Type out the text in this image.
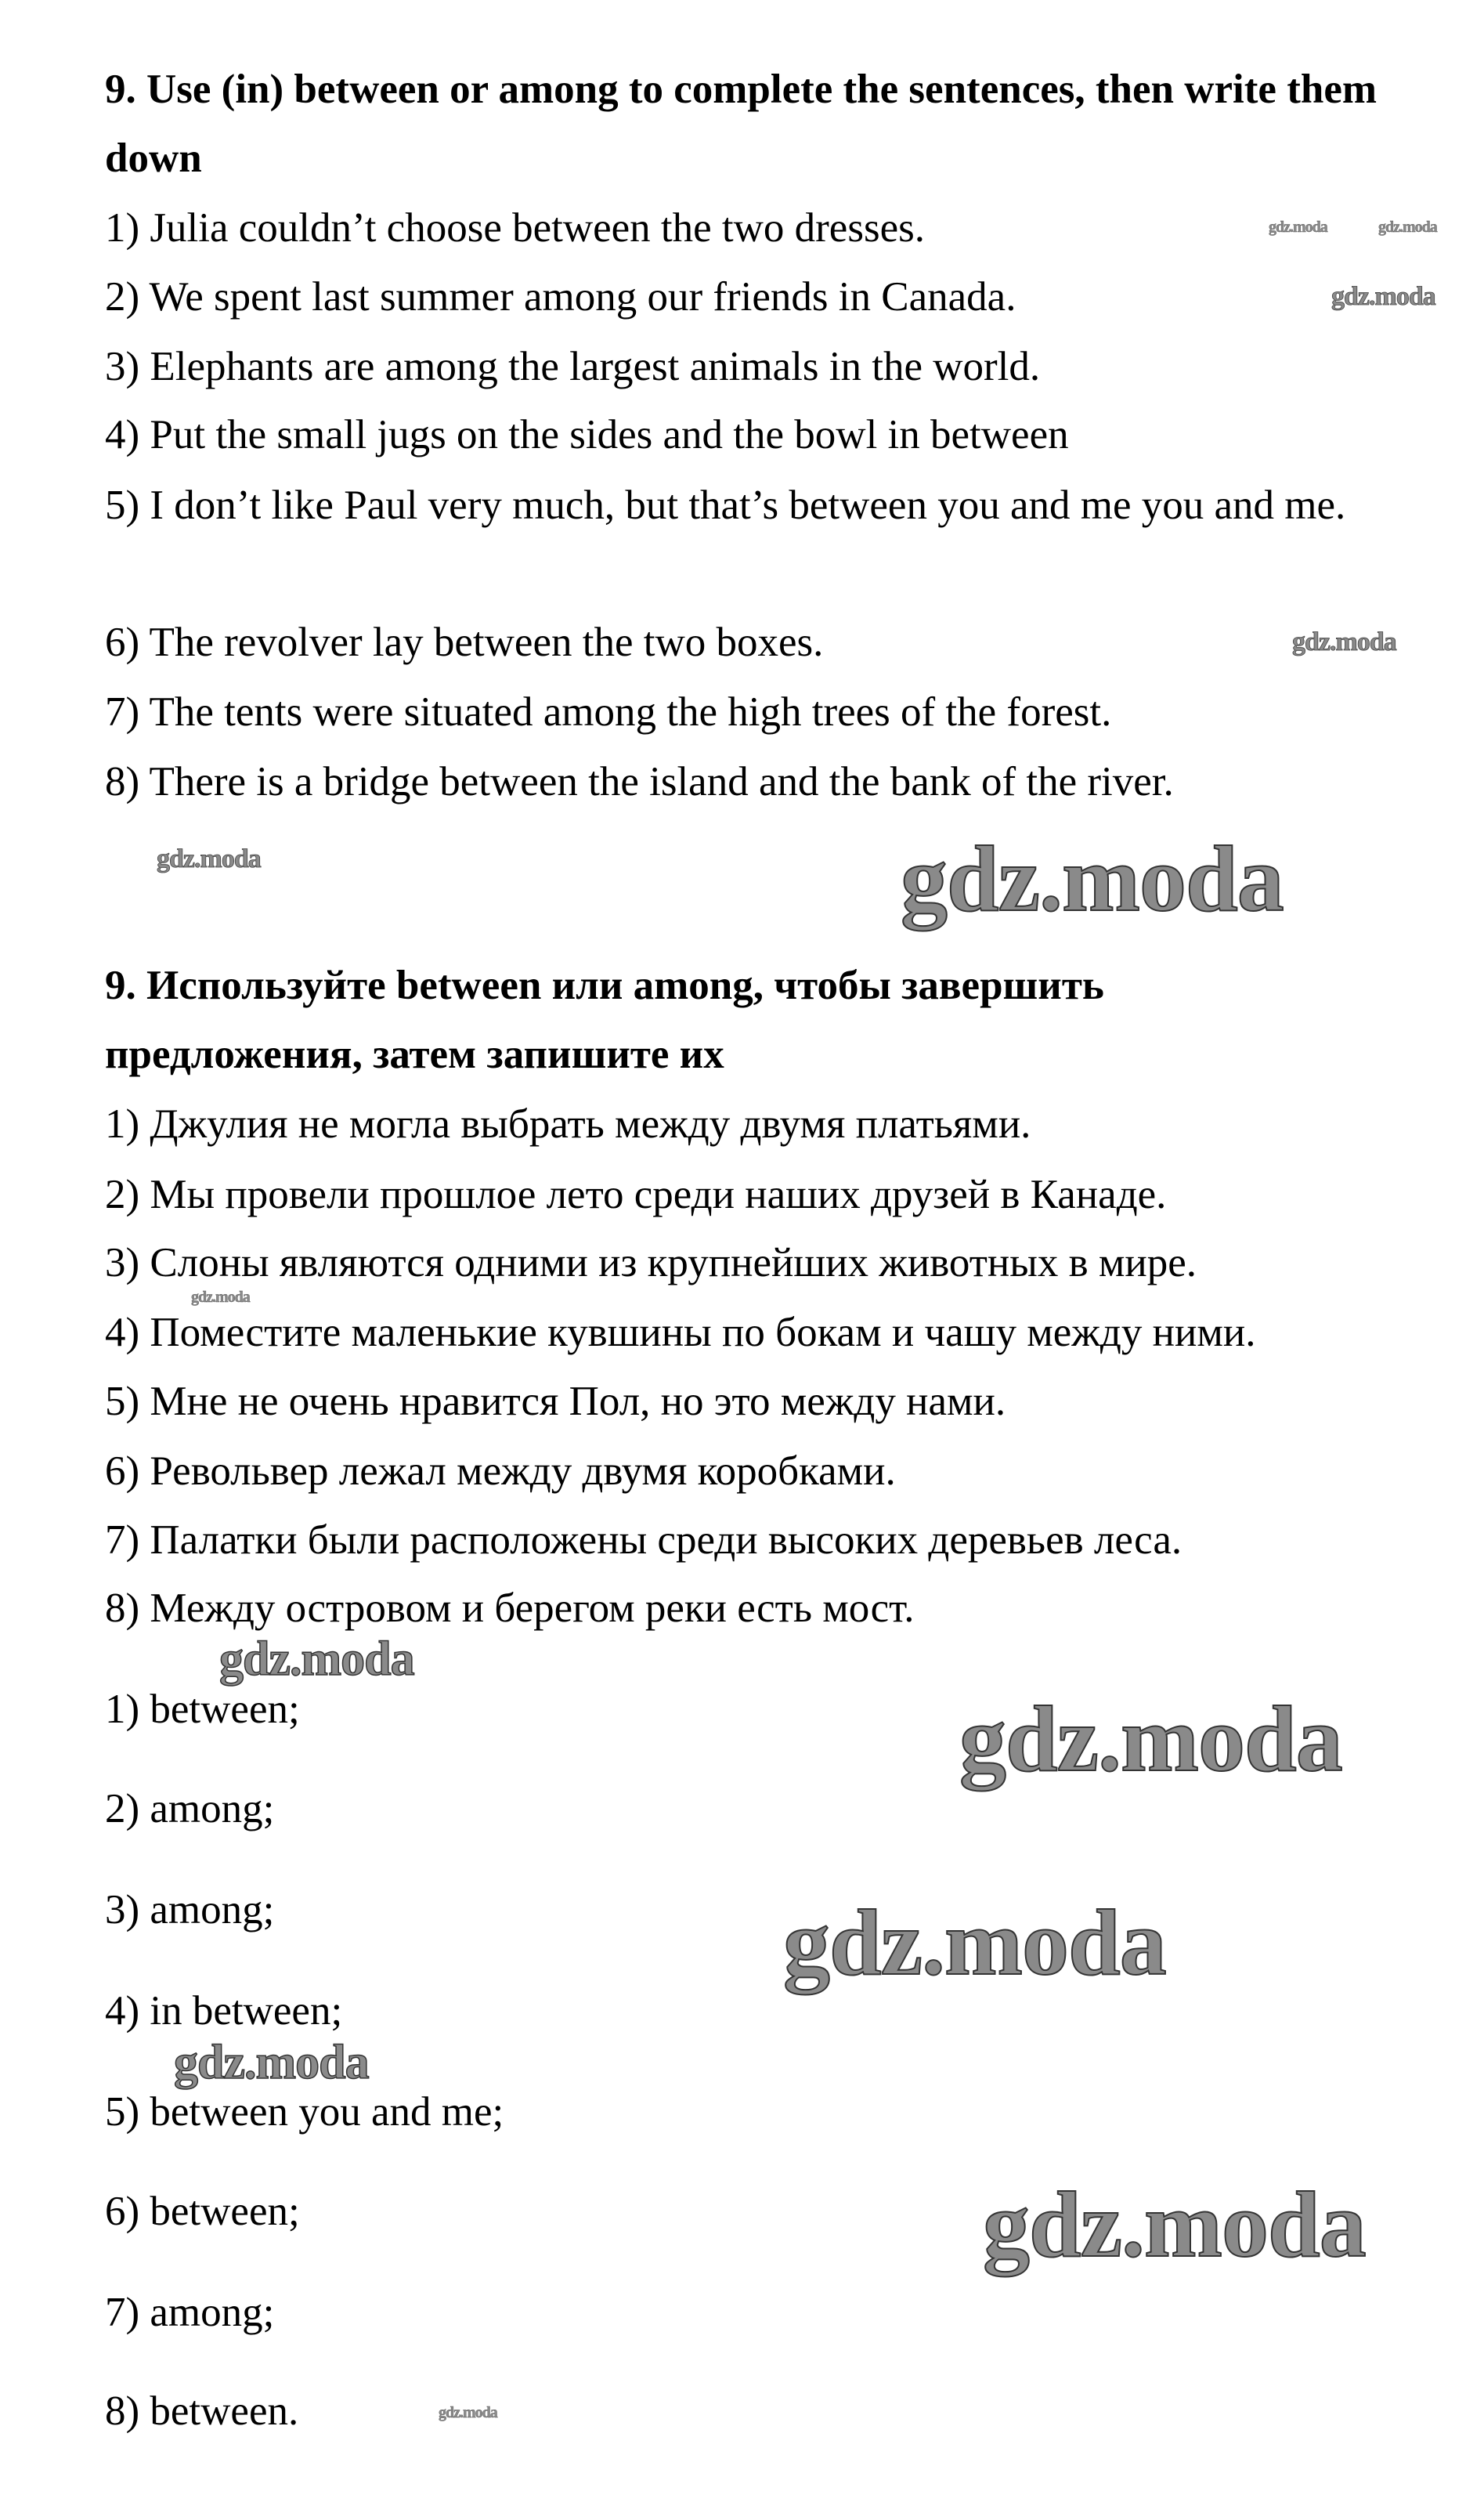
9. Use (in) between or among to complete the sentences, then write them down
1) Julia couldn’t choose between the two dresses.
2) We spent last summer among our friends in Canada.
3) Elephants are among the largest animals in the world.
4) Put the small jugs on the sides and the bowl in between
5) I don’t like Paul very much, but that’s between you and me you and me.
6) The revolver lay between the two boxes.
7) The tents were situated among the high trees of the forest.
8) There is a bridge between the island and the bank of the river.
9. Используйте between или among, чтобы завершить предложения, затем запишите их
1) Джулия не могла выбрать между двумя платьями.
2) Мы провели прошлое лето среди наших друзей в Канаде.
3) Слоны являются одними из крупнейших животных в мире.
4) Поместите маленькие кувшины по бокам и чашу между ними.
5) Мне не очень нравится Пол, но это между нами.
6) Револьвер лежал между двумя коробками.
7) Палатки были расположены среди высоких деревьев леса.
8) Между островом и берегом реки есть мост.
1) between;
2) among;
3) among;
4) in between;
5) between you and me;
6) between;
7) among;
8) between.
gdz.moda	gdz.moda
gdz.moda
gdz.moda
gdz.moda
gdz.moda
gdz.moda
gdz.moda
gdz.moda
gdz.moda
gdz.moda
gdz.moda
gdz.moda
